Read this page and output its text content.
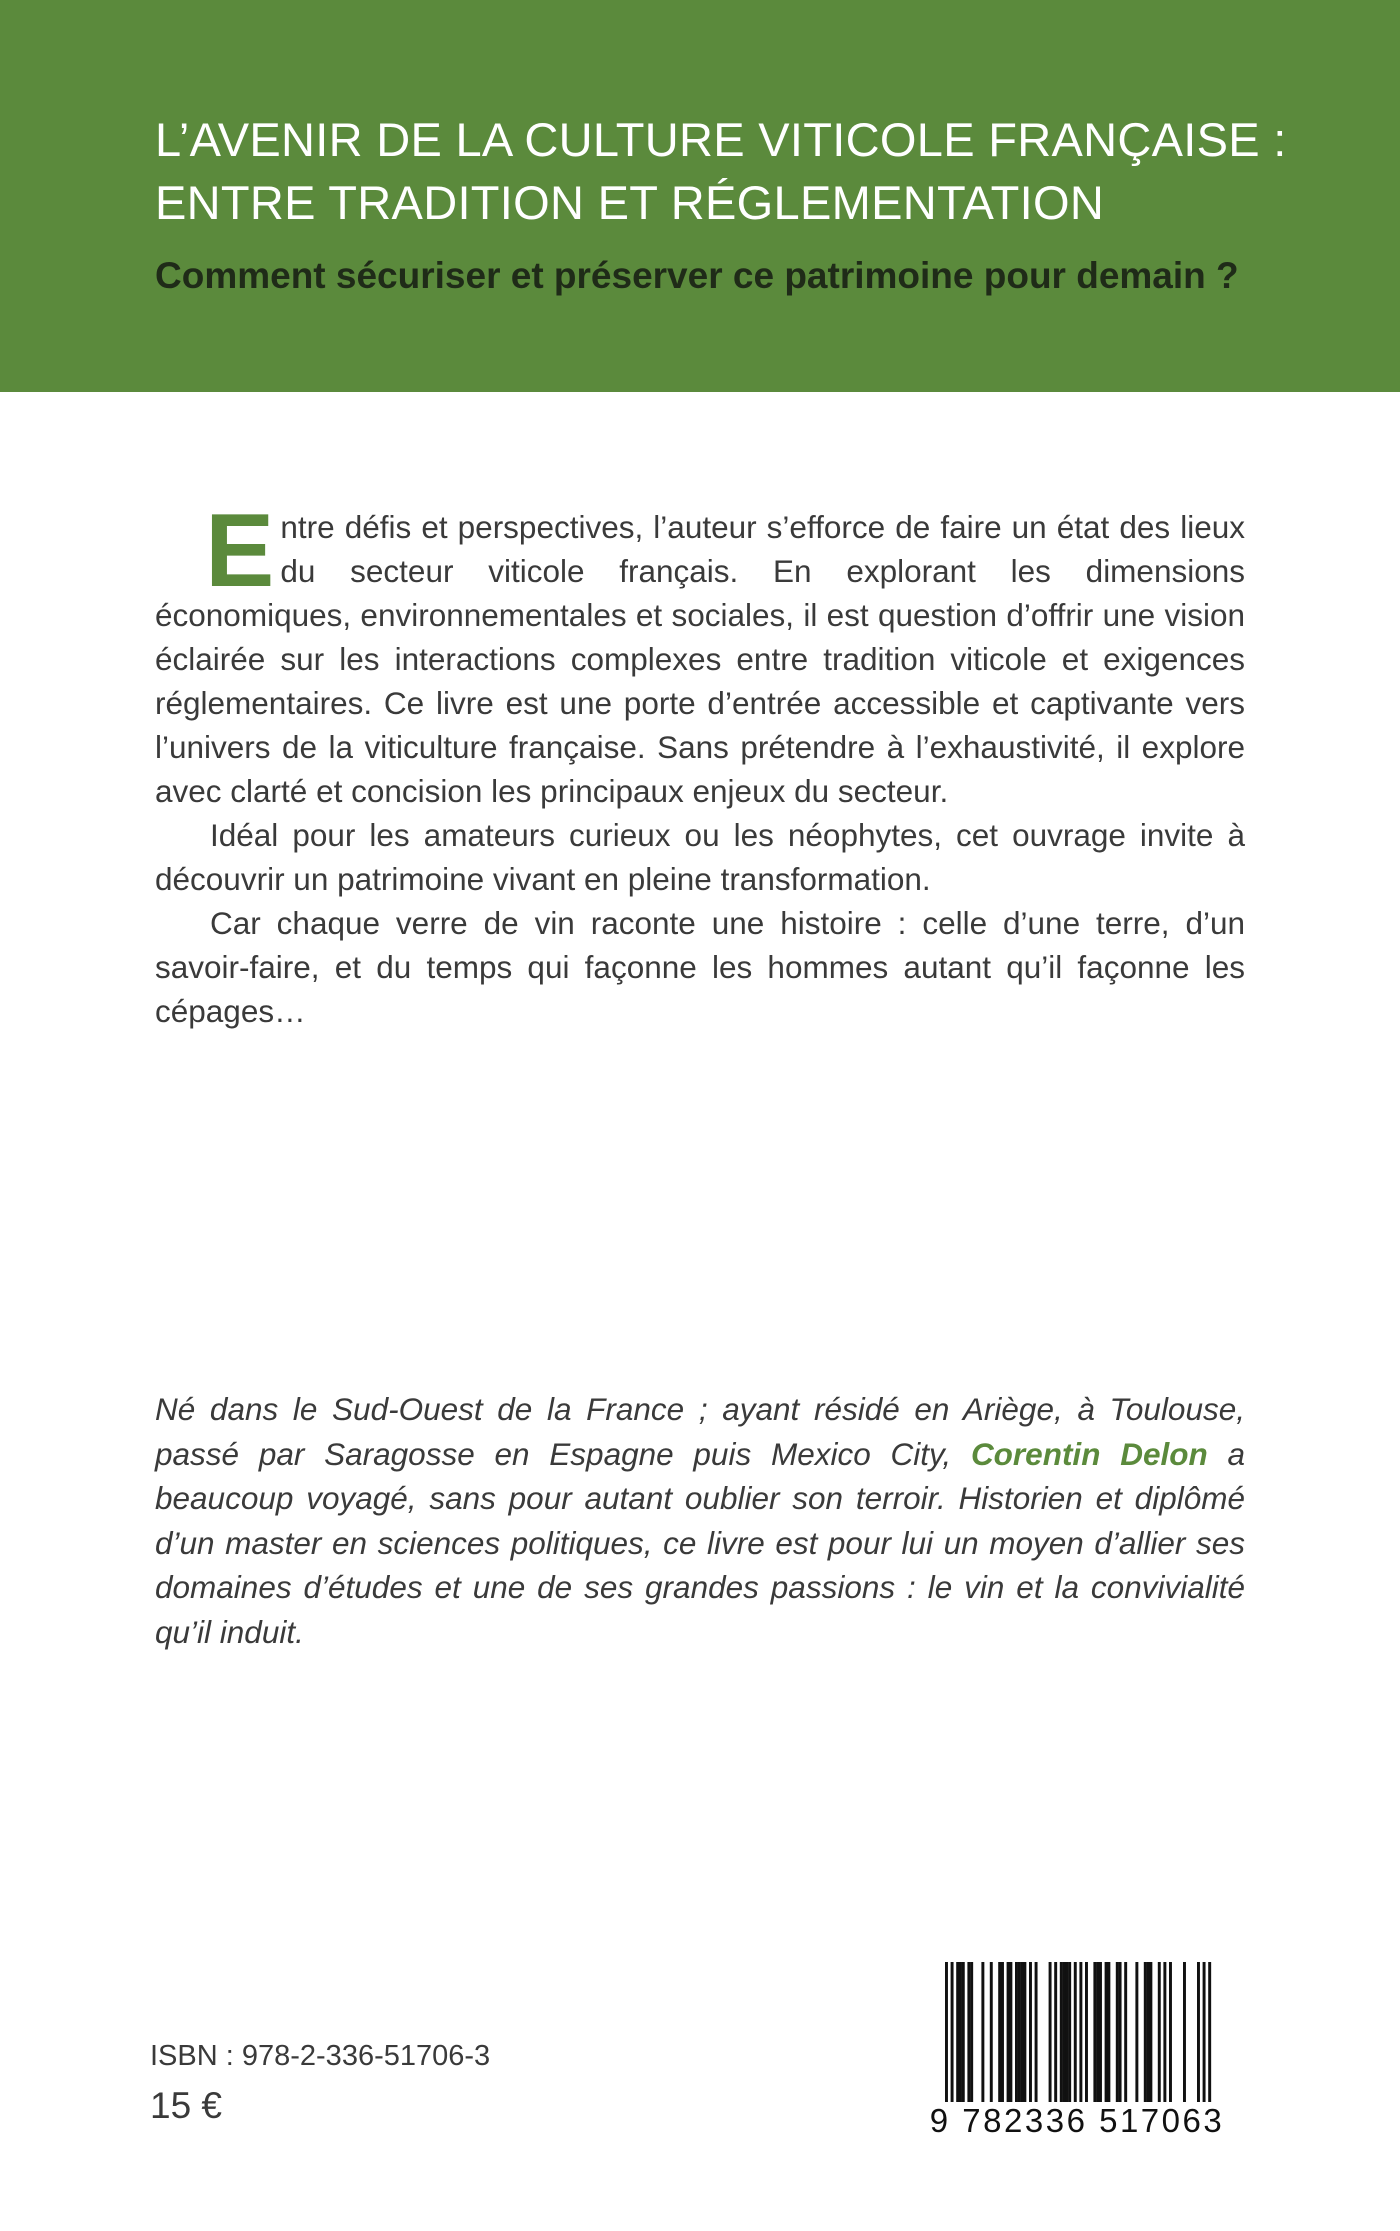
L’AVENIR DE LA CULTURE VITICOLE FRANÇAISE :
ENTRE TRADITION ET RÉGLEMENTATION
Comment sécuriser et préserver ce patrimoine pour demain ?

Entre défis et perspectives, l’auteur s’efforce de faire un état des lieux du secteur viticole français. En explorant les dimensions économiques, environnementales et sociales, il est question d’offrir une vision éclairée sur les interactions complexes entre tradition viticole et exigences réglementaires. Ce livre est une porte d’entrée accessible et captivante vers l’univers de la viticulture française. Sans prétendre à l’exhaustivité, il explore avec clarté et concision les principaux enjeux du secteur.

Idéal pour les amateurs curieux ou les néophytes, cet ouvrage invite à découvrir un patrimoine vivant en pleine transformation.

Car chaque verre de vin raconte une histoire : celle d’une terre, d’un savoir-faire, et du temps qui façonne les hommes autant qu’il façonne les cépages…

Né dans le Sud-Ouest de la France ; ayant résidé en Ariège, à Toulouse, passé par Saragosse en Espagne puis Mexico City, Corentin Delon a beaucoup voyagé, sans pour autant oublier son terroir. Historien et diplômé d’un master en sciences politiques, ce livre est pour lui un moyen d’allier ses domaines d’études et une de ses grandes passions : le vin et la convivialité qu’il induit.
ISBN : 978-2-336-51706-3
15 €	9 782336 517063
